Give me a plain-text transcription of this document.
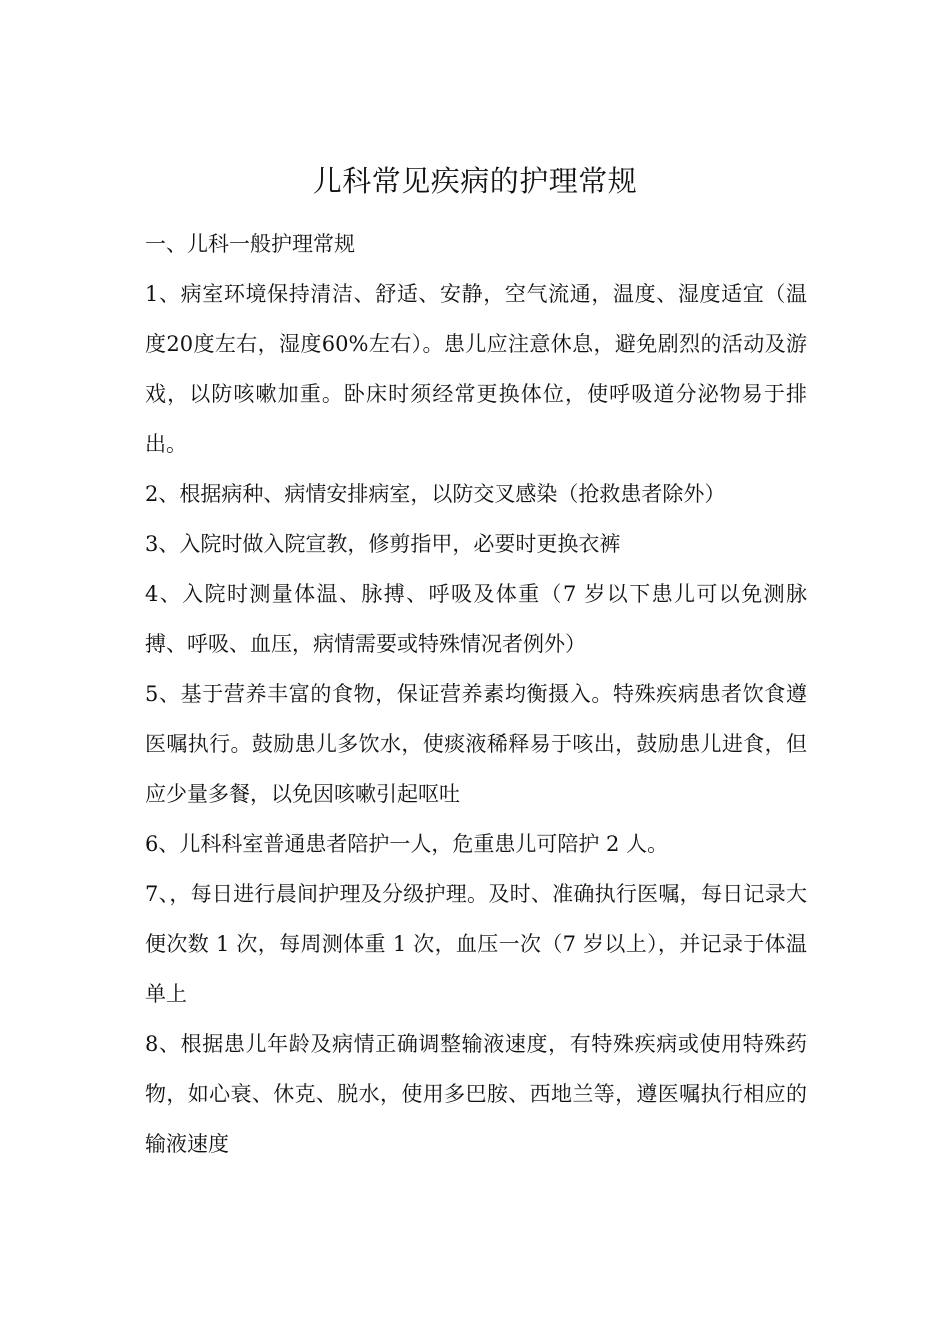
儿科常见疾病的护理常规
一、儿科一般护理常规

1、病室环境保持清洁、舒适、安静，空气流通，温度、湿度适宜（温度20度左右，湿度60%左右）。患儿应注意休息，避免剧烈的活动及游戏，以防咳嗽加重。卧床时须经常更换体位，使呼吸道分泌物易于排出。

2、根据病种、病情安排病室，以防交叉感染（抢救患者除外）

3、入院时做入院宣教，修剪指甲，必要时更换衣裤

4、入院时测量体温、脉搏、呼吸及体重（7 岁以下患儿可以免测脉搏、呼吸、血压，病情需要或特殊情况者例外）

5、基于营养丰富的食物，保证营养素均衡摄入。特殊疾病患者饮食遵医嘱执行。鼓励患儿多饮水，使痰液稀释易于咳出，鼓励患儿进食，但应少量多餐，以免因咳嗽引起呕吐

6、儿科科室普通患者陪护一人，危重患儿可陪护 2 人。

7、，每日进行晨间护理及分级护理。及时、准确执行医嘱，每日记录大便次数 1 次，每周测体重 1 次，血压一次（7 岁以上），并记录于体温单上

8、根据患儿年龄及病情正确调整输液速度，有特殊疾病或使用特殊药物，如心衰、休克、脱水，使用多巴胺、西地兰等，遵医嘱执行相应的输液速度
